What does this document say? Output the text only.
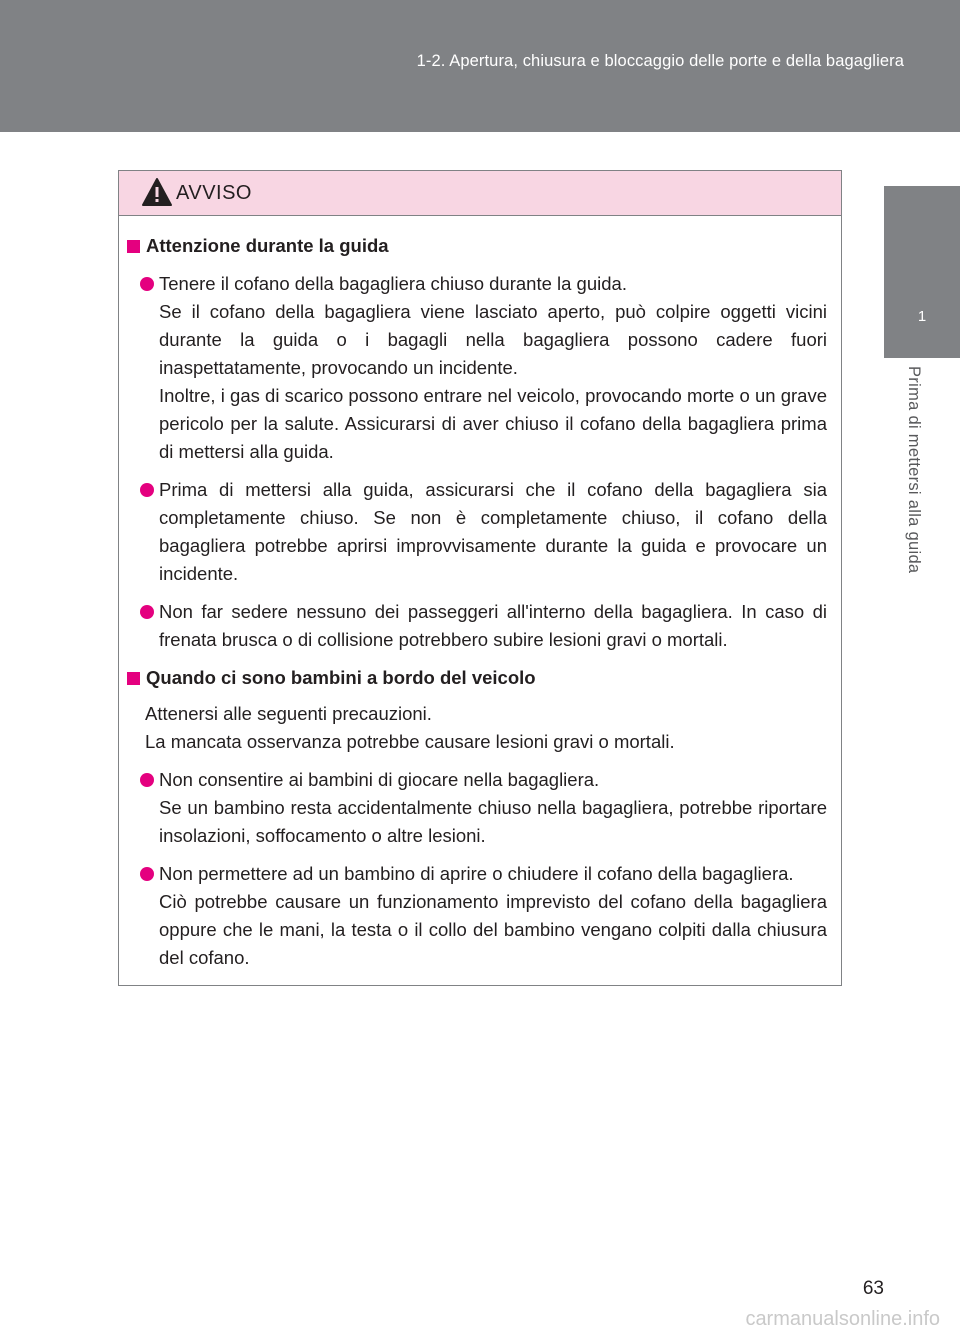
1-2. Apertura, chiusura e bloccaggio delle porte e della bagagliera
1
Prima di mettersi alla guida
AVVISO
Attenzione durante la guida
Tenere il cofano della bagagliera chiuso durante la guida.
Se il cofano della bagagliera viene lasciato aperto, può colpire oggetti vicini durante la guida o i bagagli nella bagagliera possono cadere fuori inaspettatamente, provocando un incidente.
Inoltre, i gas di scarico possono entrare nel veicolo, provocando morte o un grave pericolo per la salute. Assicurarsi di aver chiuso il cofano della bagagliera prima di mettersi alla guida.
Prima di mettersi alla guida, assicurarsi che il cofano della bagagliera sia completamente chiuso. Se non è completamente chiuso, il cofano della bagagliera potrebbe aprirsi improvvisamente durante la guida e provocare un incidente.
Non far sedere nessuno dei passeggeri all'interno della bagagliera. In caso di frenata brusca o di collisione potrebbero subire lesioni gravi o mortali.
Quando ci sono bambini a bordo del veicolo
Attenersi alle seguenti precauzioni.
La mancata osservanza potrebbe causare lesioni gravi o mortali.
Non consentire ai bambini di giocare nella bagagliera.
Se un bambino resta accidentalmente chiuso nella bagagliera, potrebbe riportare insolazioni, soffocamento o altre lesioni.
Non permettere ad un bambino di aprire o chiudere il cofano della bagagliera.
Ciò potrebbe causare un funzionamento imprevisto del cofano della bagagliera oppure che le mani, la testa o il collo del bambino vengano colpiti dalla chiusura del cofano.
63
carmanualsonline.info
